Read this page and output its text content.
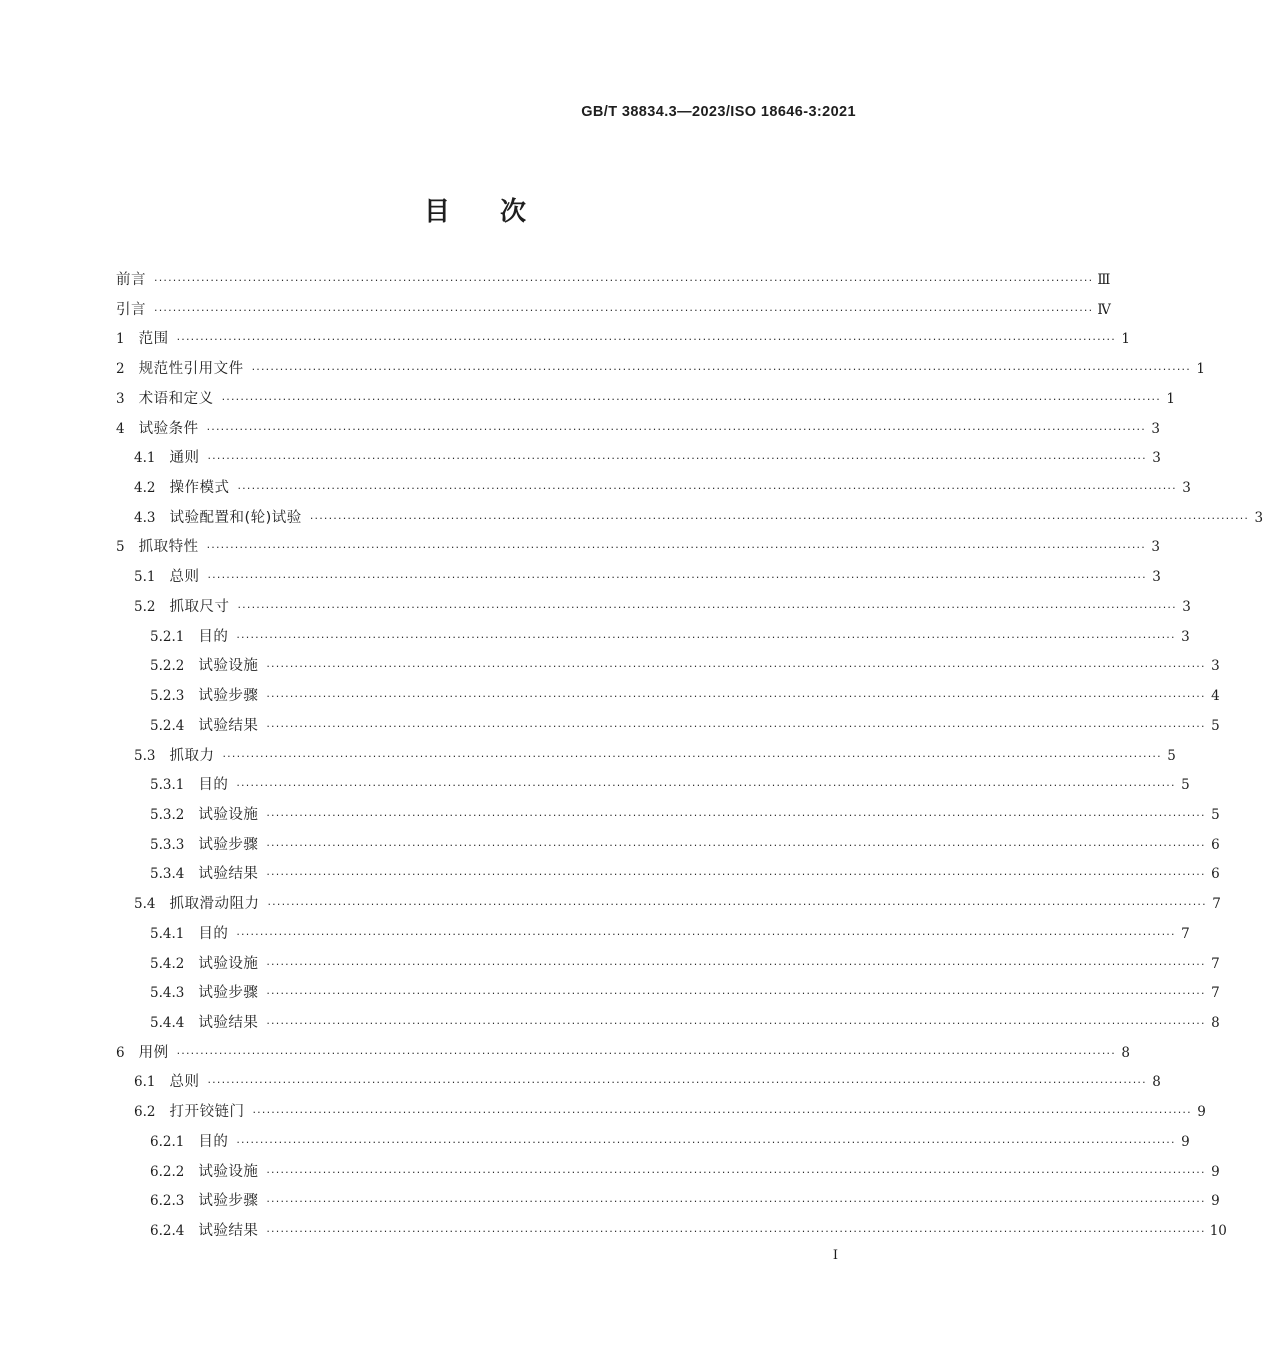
GB/T 38834.3—2023/ISO 18646-3:2021
目 次
前言 ········································································································································································································ Ⅲ
引言 ········································································································································································································ Ⅳ
1 范围 ········································································································································································································ 1
2 规范性引用文件 ········································································································································································································ 1
3 术语和定义 ········································································································································································································ 1
4 试验条件 ········································································································································································································ 3
4.1 通则 ········································································································································································································ 3
4.2 操作模式 ········································································································································································································ 3
4.3 试验配置和(轮)试验 ········································································································································································································ 3
5 抓取特性 ········································································································································································································ 3
5.1 总则 ········································································································································································································ 3
5.2 抓取尺寸 ········································································································································································································ 3
5.2.1 目的 ········································································································································································································ 3
5.2.2 试验设施 ········································································································································································································ 3
5.2.3 试验步骤 ········································································································································································································ 4
5.2.4 试验结果 ········································································································································································································ 5
5.3 抓取力 ········································································································································································································ 5
5.3.1 目的 ········································································································································································································ 5
5.3.2 试验设施 ········································································································································································································ 5
5.3.3 试验步骤 ········································································································································································································ 6
5.3.4 试验结果 ········································································································································································································ 6
5.4 抓取滑动阻力 ········································································································································································································ 7
5.4.1 目的 ········································································································································································································ 7
5.4.2 试验设施 ········································································································································································································ 7
5.4.3 试验步骤 ········································································································································································································ 7
5.4.4 试验结果 ········································································································································································································ 8
6 用例 ········································································································································································································ 8
6.1 总则 ········································································································································································································ 8
6.2 打开铰链门 ········································································································································································································ 9
6.2.1 目的 ········································································································································································································ 9
6.2.2 试验设施 ········································································································································································································ 9
6.2.3 试验步骤 ········································································································································································································ 9
6.2.4 试验结果 ········································································································································································································ 10
I
